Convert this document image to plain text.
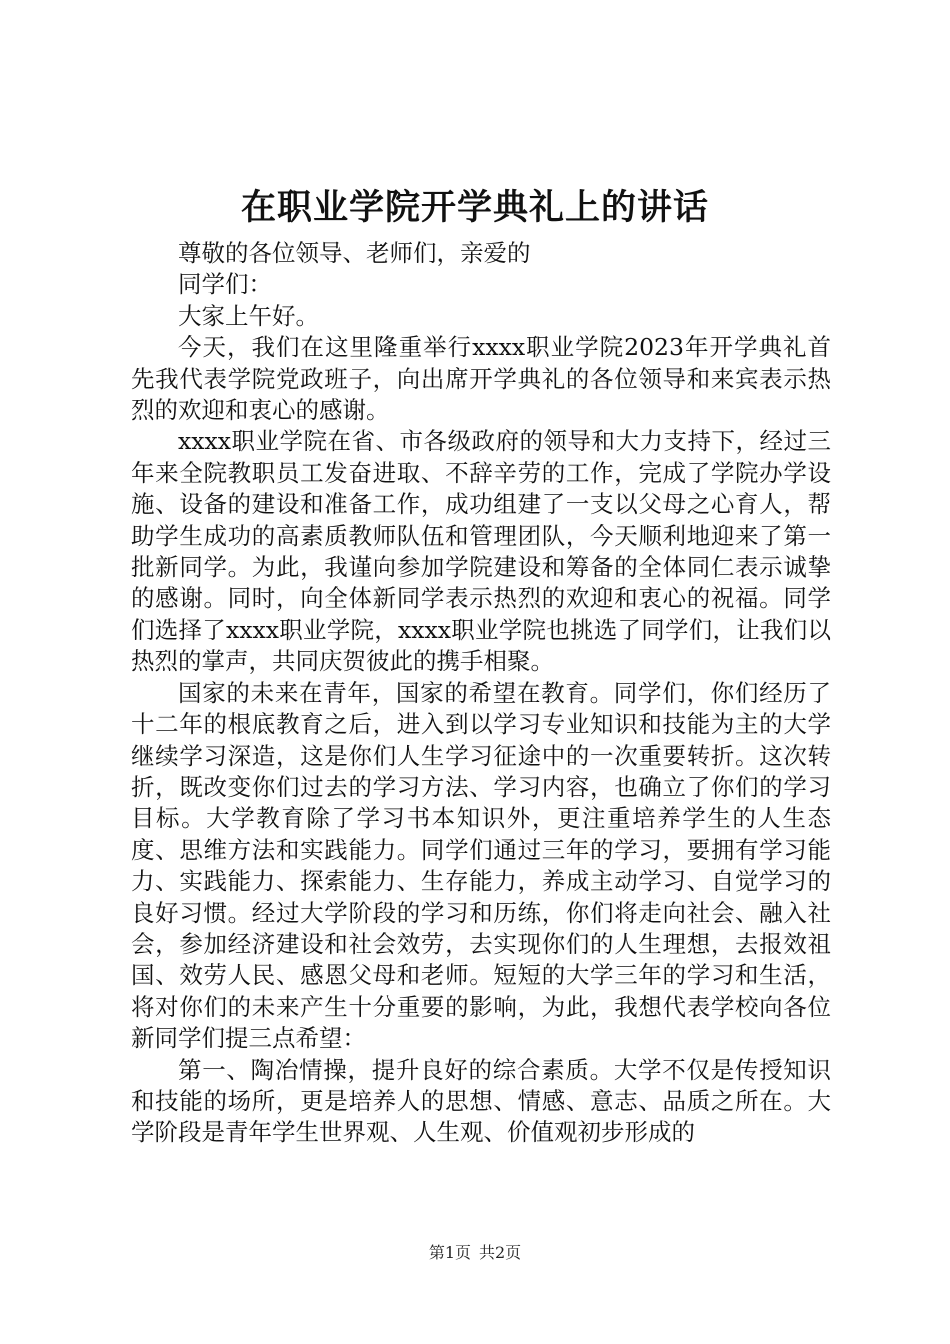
在职业学院开学典礼上的讲话

尊敬的各位领导、老师们，亲爱的

同学们：

大家上午好。

今天，我们在这里隆重举行xxxx职业学院2023年开学典礼首先我代表学院党政班子，向出席开学典礼的各位领导和来宾表示热烈的欢迎和衷心的感谢。

xxxx职业学院在省、市各级政府的领导和大力支持下，经过三年来全院教职员工发奋进取、不辞辛劳的工作，完成了学院办学设施、设备的建设和准备工作，成功组建了一支以父母之心育人，帮助学生成功的高素质教师队伍和管理团队，今天顺利地迎来了第一批新同学。为此，我谨向参加学院建设和筹备的全体同仁表示诚挚的感谢。同时，向全体新同学表示热烈的欢迎和衷心的祝福。同学们选择了xxxx职业学院，xxxx职业学院也挑选了同学们，让我们以热烈的掌声，共同庆贺彼此的携手相聚。

国家的未来在青年，国家的希望在教育。同学们，你们经历了十二年的根底教育之后，进入到以学习专业知识和技能为主的大学继续学习深造，这是你们人生学习征途中的一次重要转折。这次转折，既改变你们过去的学习方法、学习内容，也确立了你们的学习目标。大学教育除了学习书本知识外，更注重培养学生的人生态度、思维方法和实践能力。同学们通过三年的学习，要拥有学习能力、实践能力、探索能力、生存能力，养成主动学习、自觉学习的良好习惯。经过大学阶段的学习和历练，你们将走向社会、融入社会，参加经济建设和社会效劳，去实现你们的人生理想，去报效祖国、效劳人民、感恩父母和老师。短短的大学三年的学习和生活，将对你们的未来产生十分重要的影响，为此，我想代表学校向各位新同学们提三点希望：

第一、陶冶情操，提升良好的综合素质。大学不仅是传授知识和技能的场所，更是培养人的思想、情感、意志、品质之所在。大学阶段是青年学生世界观、人生观、价值观初步形成的

第1页 共2页
